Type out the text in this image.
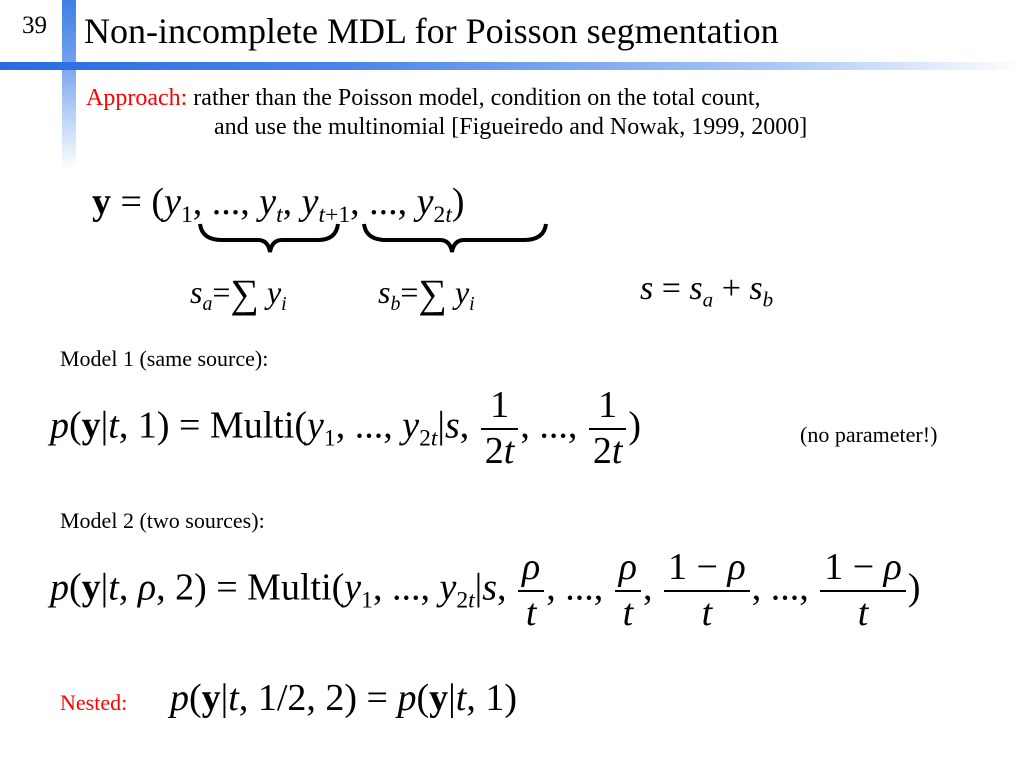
39 Non-incomplete MDL for Poisson segmentation
Approach: rather than the Poisson model, condition on the total count,
and use the multinomial [Figueiredo and Nowak, 1999, 2000]
$y = (y_1$, ..., $y_t$, $y_{t+1}$, ..., $y_{2t}$)
$s_a=\sum$ $y_i$	$s_b=\sum$ $y_i$	$s = s_a + s_b$
Model 1 (same source):
p(y|t, $1) = Multi(y_1$, ..., $y_{2t}|s$, $\frac{1}{2t}$ , ..., $\frac{1}{2t}$ )	(no parameter!)
Model 2 (two sources):
p(y|t, ρ, $2) = Multi(y_1$, ..., $y_{2t}|s$, $\frac{\rho}{t}$ , ..., $\frac{\rho}{t}$ , $\frac{1 - \rho}{t}$ , ..., $\frac{1 - \rho}{t}$ )
Nested: p(y|t, 1/2, 2) = p(y|t, 1)
